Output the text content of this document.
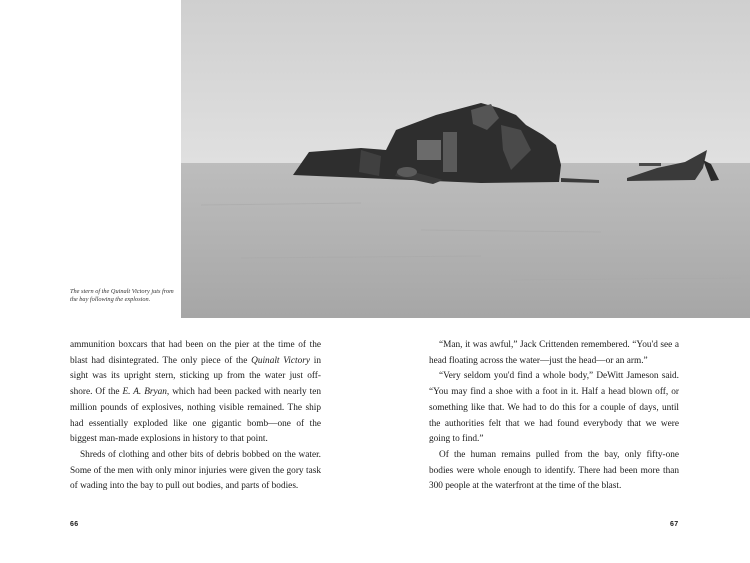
The stern of the Quinalt Victory juts from the bay following the explosion.

ammunition boxcars that had been on the pier at the time of the blast had disintegrated. The only piece of the Quinalt Victory in sight was its upright stern, sticking up from the water just off-shore. Of the E. A. Bryan, which had been packed with nearly ten million pounds of explosives, nothing visible remained. The ship had essentially exploded like one gigantic bomb—one of the biggest man-made explosions in history to that point.

Shreds of clothing and other bits of debris bobbed on the water. Some of the men with only minor injuries were given the gory task of wading into the bay to pull out bodies, and parts of bodies.

“Man, it was awful,” Jack Crittenden remembered. “You'd see a head floating across the water—just the head—or an arm.”

“Very seldom you'd find a whole body,” DeWitt Jameson said. “You may find a shoe with a foot in it. Half a head blown off, or something like that. We had to do this for a couple of days, until the authorities felt that we had found everybody that we were going to find.”

Of the human remains pulled from the bay, only fifty-one bodies were whole enough to identify. There had been more than 300 people at the waterfront at the time of the blast.

66	67
